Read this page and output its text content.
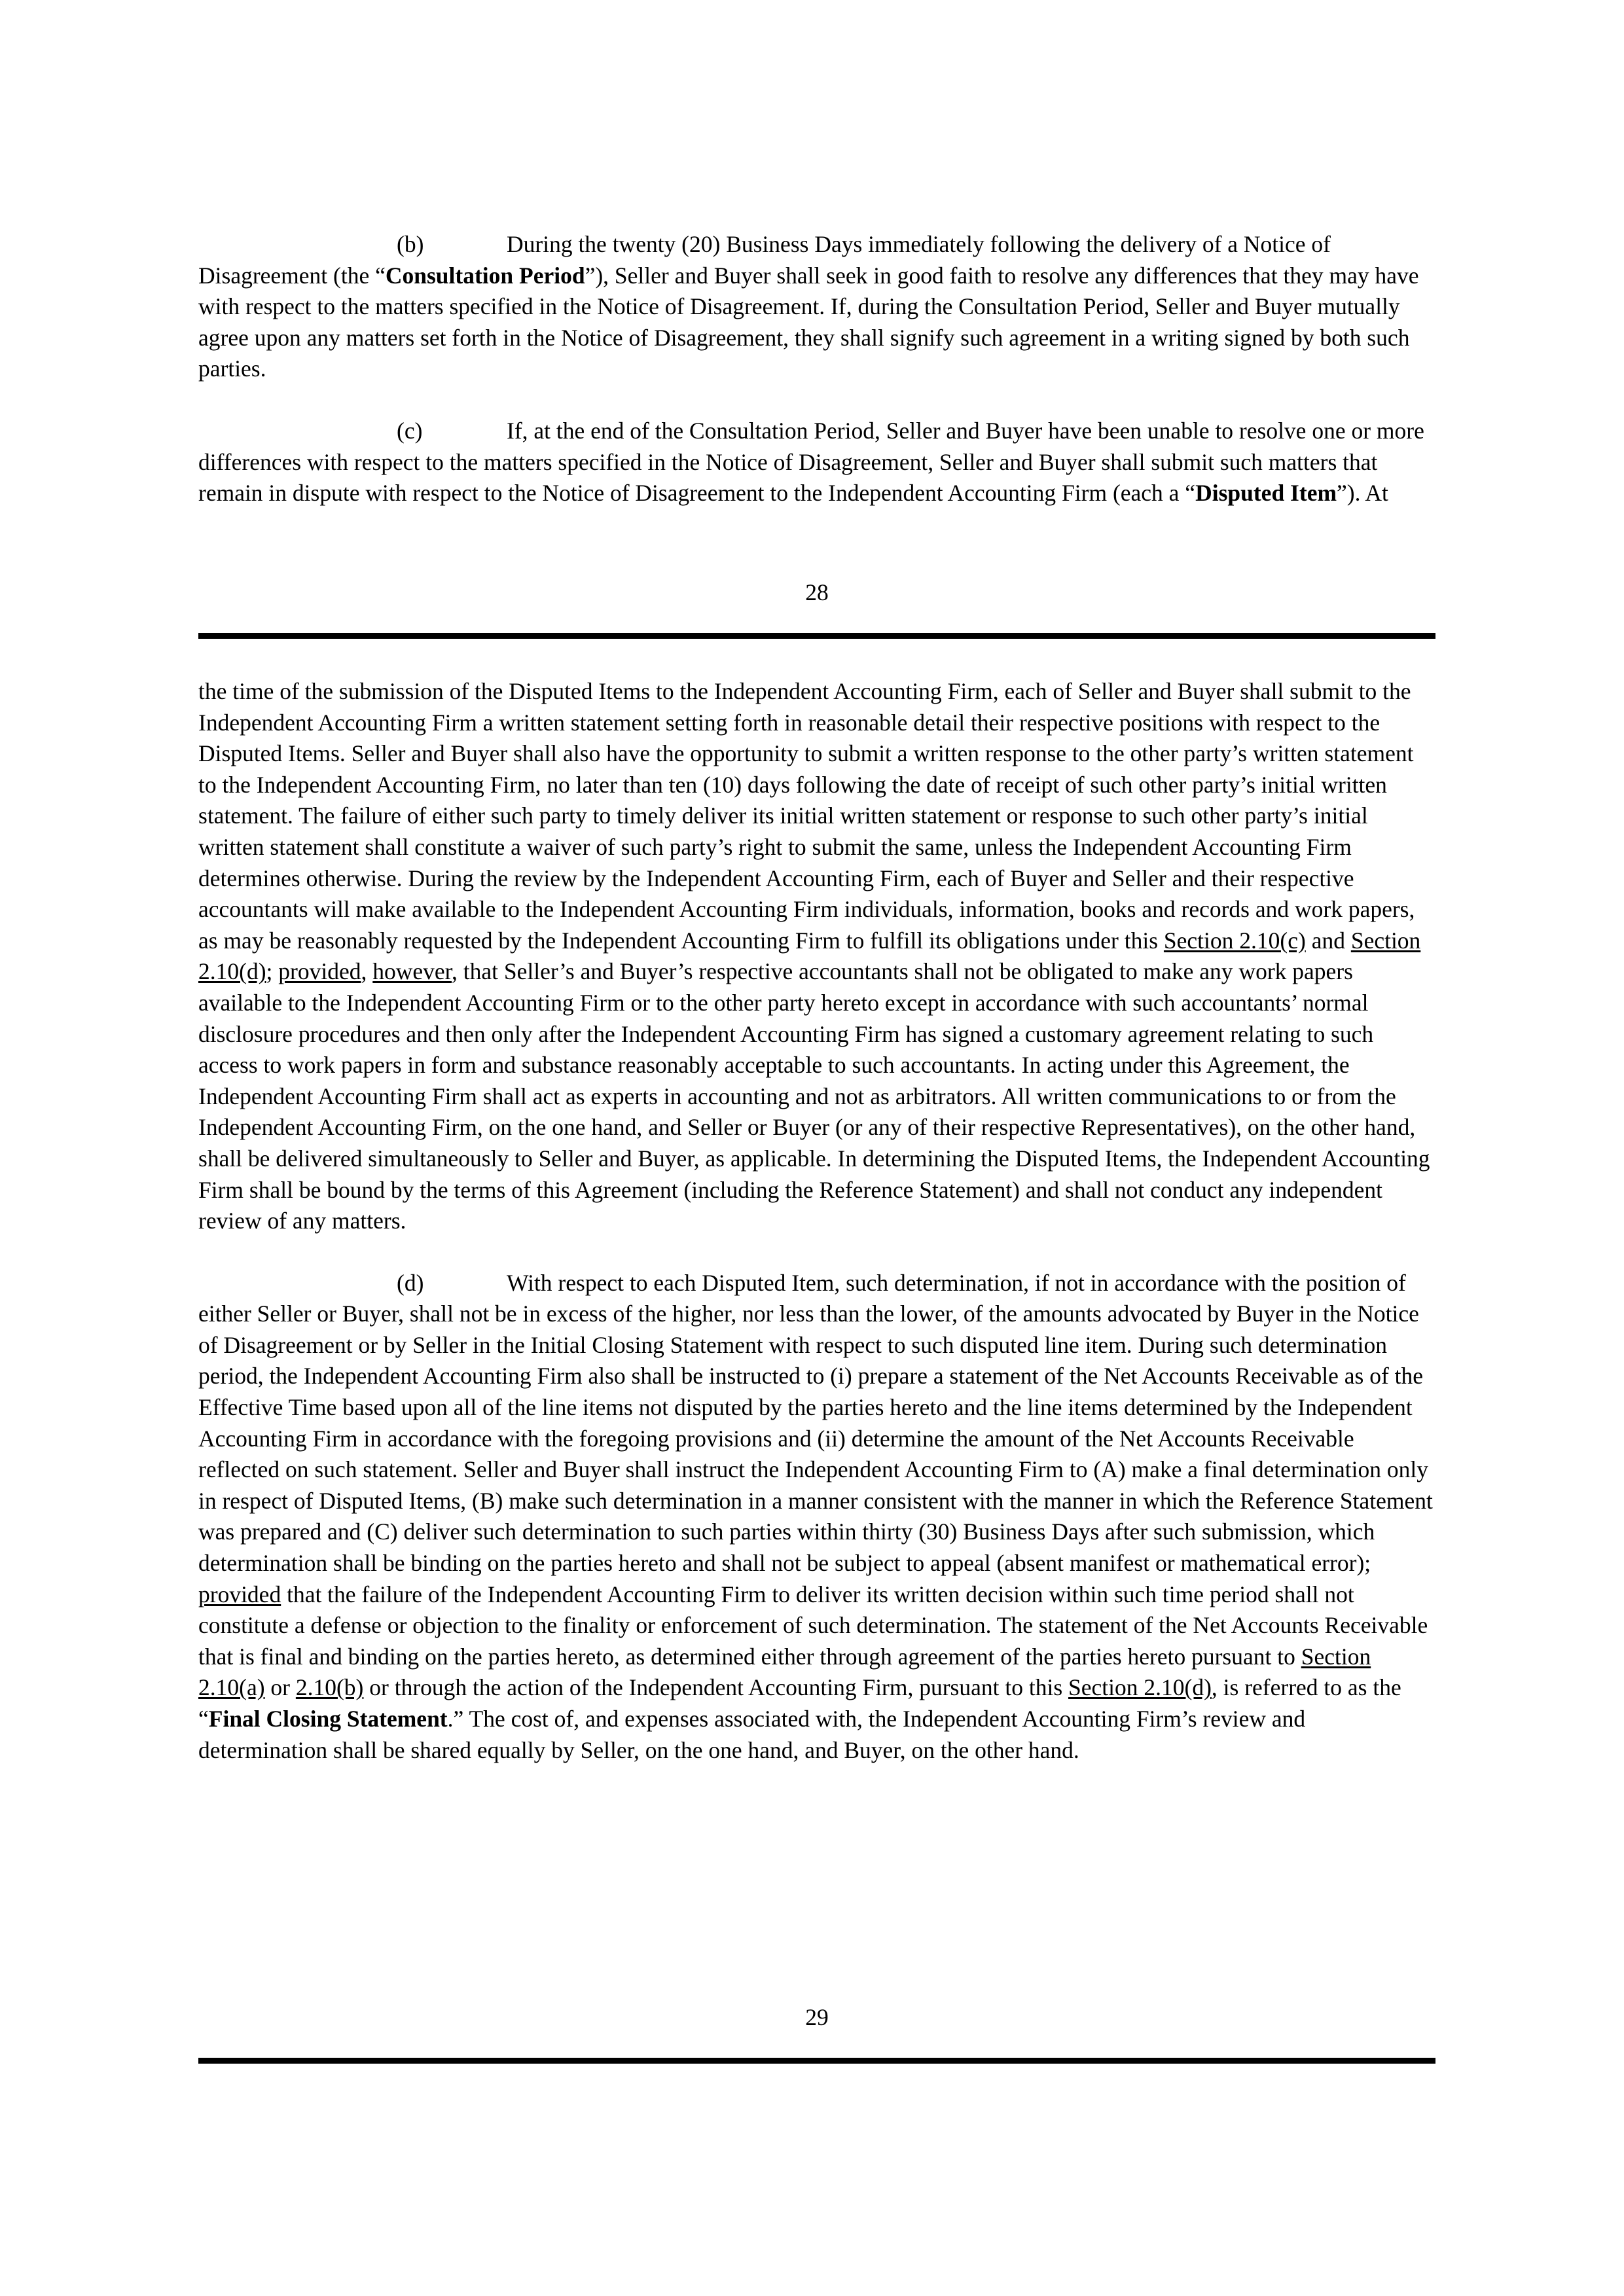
(b)	During the twenty (20) Business Days immediately following the delivery of a Notice of Disagreement (the “Consultation Period”), Seller and Buyer shall seek in good faith to resolve any differences that they may have with respect to the matters specified in the Notice of Disagreement. If, during the Consultation Period, Seller and Buyer mutually agree upon any matters set forth in the Notice of Disagreement, they shall signify such agreement in a writing signed by both such parties.

(c)	If, at the end of the Consultation Period, Seller and Buyer have been unable to resolve one or more differences with respect to the matters specified in the Notice of Disagreement, Seller and Buyer shall submit such matters that remain in dispute with respect to the Notice of Disagreement to the Independent Accounting Firm (each a “Disputed Item”). At

28

the time of the submission of the Disputed Items to the Independent Accounting Firm, each of Seller and Buyer shall submit to the Independent Accounting Firm a written statement setting forth in reasonable detail their respective positions with respect to the Disputed Items. Seller and Buyer shall also have the opportunity to submit a written response to the other party’s written statement to the Independent Accounting Firm, no later than ten (10) days following the date of receipt of such other party’s initial written statement. The failure of either such party to timely deliver its initial written statement or response to such other party’s initial written statement shall constitute a waiver of such party’s right to submit the same, unless the Independent Accounting Firm determines otherwise. During the review by the Independent Accounting Firm, each of Buyer and Seller and their respective accountants will make available to the Independent Accounting Firm individuals, information, books and records and work papers, as may be reasonably requested by the Independent Accounting Firm to fulfill its obligations under this Section 2.10(c) and Section 2.10(d); provided, however, that Seller’s and Buyer’s respective accountants shall not be obligated to make any work papers available to the Independent Accounting Firm or to the other party hereto except in accordance with such accountants’ normal disclosure procedures and then only after the Independent Accounting Firm has signed a customary agreement relating to such access to work papers in form and substance reasonably acceptable to such accountants. In acting under this Agreement, the Independent Accounting Firm shall act as experts in accounting and not as arbitrators. All written communications to or from the Independent Accounting Firm, on the one hand, and Seller or Buyer (or any of their respective Representatives), on the other hand, shall be delivered simultaneously to Seller and Buyer, as applicable. In determining the Disputed Items, the Independent Accounting Firm shall be bound by the terms of this Agreement (including the Reference Statement) and shall not conduct any independent review of any matters.

(d)	With respect to each Disputed Item, such determination, if not in accordance with the position of either Seller or Buyer, shall not be in excess of the higher, nor less than the lower, of the amounts advocated by Buyer in the Notice of Disagreement or by Seller in the Initial Closing Statement with respect to such disputed line item. During such determination period, the Independent Accounting Firm also shall be instructed to (i) prepare a statement of the Net Accounts Receivable as of the Effective Time based upon all of the line items not disputed by the parties hereto and the line items determined by the Independent Accounting Firm in accordance with the foregoing provisions and (ii) determine the amount of the Net Accounts Receivable reflected on such statement. Seller and Buyer shall instruct the Independent Accounting Firm to (A) make a final determination only in respect of Disputed Items, (B) make such determination in a manner consistent with the manner in which the Reference Statement was prepared and (C) deliver such determination to such parties within thirty (30) Business Days after such submission, which determination shall be binding on the parties hereto and shall not be subject to appeal (absent manifest or mathematical error); provided that the failure of the Independent Accounting Firm to deliver its written decision within such time period shall not constitute a defense or objection to the finality or enforcement of such determination. The statement of the Net Accounts Receivable that is final and binding on the parties hereto, as determined either through agreement of the parties hereto pursuant to Section 2.10(a) or 2.10(b) or through the action of the Independent Accounting Firm, pursuant to this Section 2.10(d), is referred to as the “Final Closing Statement.” The cost of, and expenses associated with, the Independent Accounting Firm’s review and determination shall be shared equally by Seller, on the one hand, and Buyer, on the other hand.

29
